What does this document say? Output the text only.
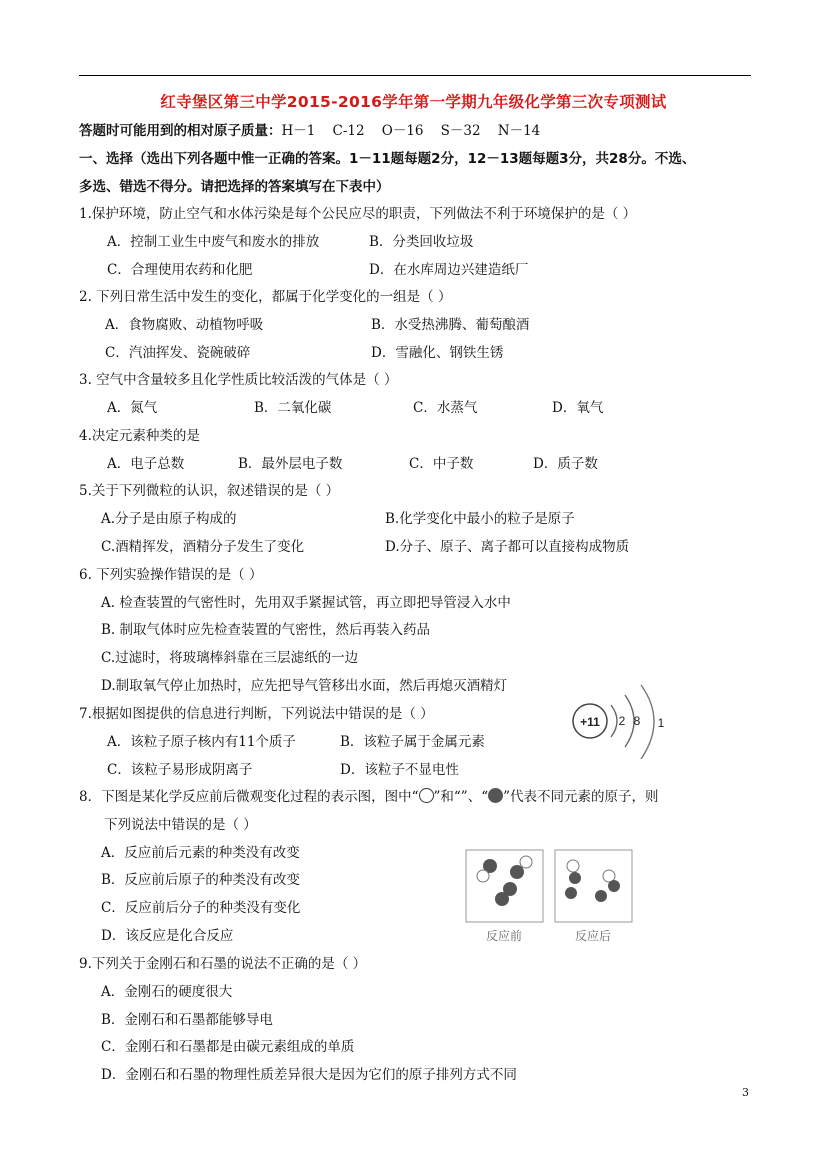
红寺堡区第三中学2015-2016学年第一学期九年级化学第三次专项测试
答题时可能用到的相对原子质量：H－1    C-12    O－16    S－32    N－14
一、选择（选出下列各题中惟一正确的答案。1－11题每题2分，12－13题每题3分，共28分。不选、
多选、错选不得分。请把选择的答案填写在下表中）
1.保护环境，防止空气和水体污染是每个公民应尽的职责，下列做法不利于环境保护的是（ ）
A．控制工业生中废气和废水的排放	B．分类回收垃圾
C．合理使用农药和化肥	D．在水库周边兴建造纸厂
2. 下列日常生活中发生的变化，都属于化学变化的一组是（ ）
A．食物腐败、动植物呼吸	B．水受热沸腾、葡萄酿酒
C．汽油挥发、瓷碗破碎	D．雪融化、钢铁生锈
3. 空气中含量较多且化学性质比较活泼的气体是（ ）
A．氮气	B．二氧化碳	C．水蒸气	D．氧气
4.决定元素种类的是
A．电子总数	B．最外层电子数	C．中子数	D．质子数
5.关于下列微粒的认识，叙述错误的是（ ）
A.分子是由原子构成的	B.化学变化中最小的粒子是原子
C.酒精挥发，酒精分子发生了变化	D.分子、原子、离子都可以直接构成物质
6. 下列实验操作错误的是（ ）
A. 检查装置的气密性时，先用双手紧握试管，再立即把导管浸入水中
B. 制取气体时应先检查装置的气密性，然后再装入药品
C.过滤时，将玻璃棒斜靠在三层滤纸的一边
D.制取氧气停止加热时，应先把导气管移出水面，然后再熄灭酒精灯
7.根据如图提供的信息进行判断，下列说法中错误的是（ ）
A．该粒子原子核内有11个质子	B．该粒子属于金属元素
C．该粒子易形成阴离子	D．该粒子不显电性
+11 2 8 1
8．下图是某化学反应前后微观变化过程的表示图，图中“ ”和“”、“ ”代表不同元素的原子，则
下列说法中错误的是（ ）
A．反应前后元素的种类没有改变
B．反应前后原子的种类没有改变
C．反应前后分子的种类没有变化
D．该反应是化合反应	反应前	反应后
9.下列关于金刚石和石墨的说法不正确的是（ ）
A．金刚石的硬度很大
B．金刚石和石墨都能够导电
C．金刚石和石墨都是由碳元素组成的单质
D．金刚石和石墨的物理性质差异很大是因为它们的原子排列方式不同
3
